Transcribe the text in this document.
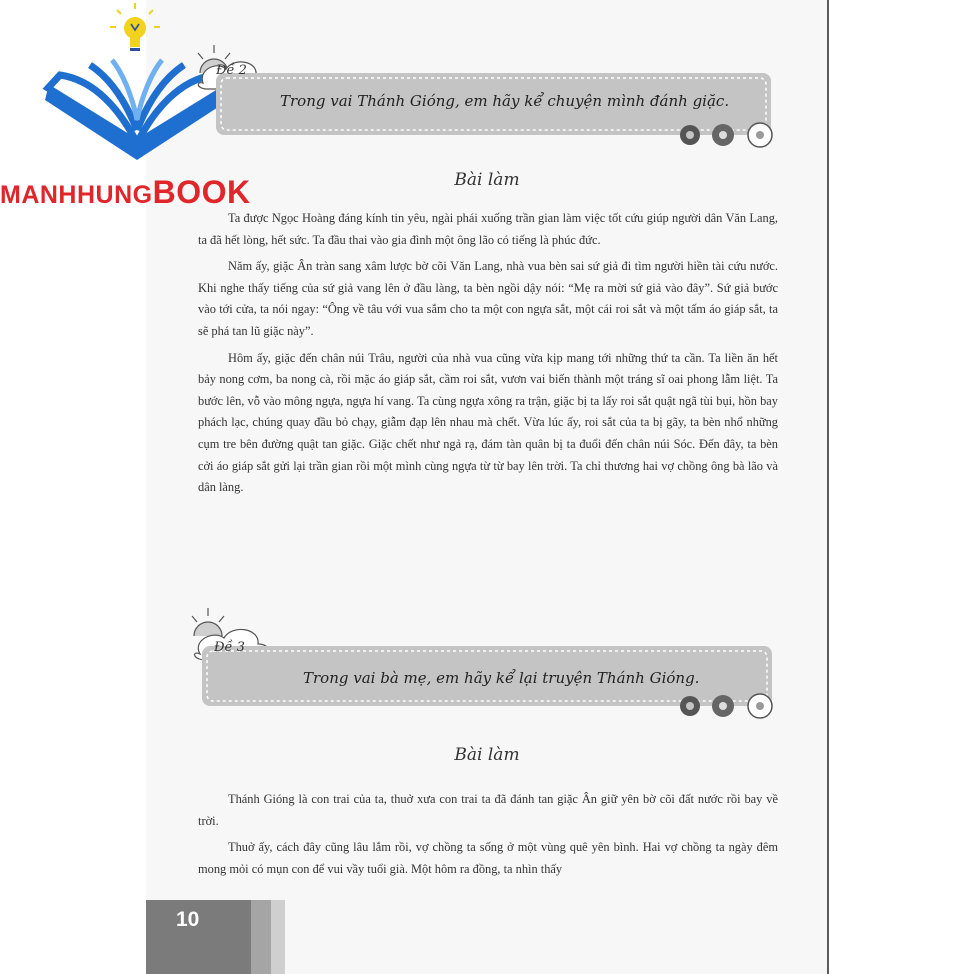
MANHHUNGBOOK
Đề 2
Trong vai Thánh Gióng, em hãy kể chuyện mình đánh giặc.
Bài làm

Ta được Ngọc Hoàng đáng kính tin yêu, ngài phái xuống trần gian làm việc tốt cứu giúp người dân Văn Lang, ta đã hết lòng, hết sức. Ta đầu thai vào gia đình một ông lão có tiếng là phúc đức.

Năm ấy, giặc Ân tràn sang xâm lược bờ cõi Văn Lang, nhà vua bèn sai sứ giả đi tìm người hiền tài cứu nước. Khi nghe thấy tiếng của sứ giả vang lên ở đầu làng, ta bèn ngồi dậy nói: “Mẹ ra mời sứ giả vào đây”. Sứ giả bước vào tới cửa, ta nói ngay: “Ông về tâu với vua sắm cho ta một con ngựa sắt, một cái roi sắt và một tấm áo giáp sắt, ta sẽ phá tan lũ giặc này”.

Hôm ấy, giặc đến chân núi Trâu, người của nhà vua cũng vừa kịp mang tới những thứ ta cần. Ta liền ăn hết bảy nong cơm, ba nong cà, rồi mặc áo giáp sắt, cầm roi sắt, vươn vai biến thành một tráng sĩ oai phong lẫm liệt. Ta bước lên, vỗ vào mông ngựa, ngựa hí vang. Ta cùng ngựa xông ra trận, giặc bị ta lấy roi sắt quật ngã tùi bụi, hồn bay phách lạc, chúng quay đầu bỏ chạy, giẫm đạp lên nhau mà chết. Vừa lúc ấy, roi sắt của ta bị gãy, ta bèn nhổ những cụm tre bên đường quật tan giặc. Giặc chết như ngả rạ, đám tàn quân bị ta đuổi đến chân núi Sóc. Đến đây, ta bèn cởi áo giáp sắt gửi lại trần gian rồi một mình cùng ngựa từ từ bay lên trời. Ta chỉ thương hai vợ chồng ông bà lão và dân làng.

Đề 3
Trong vai bà mẹ, em hãy kể lại truyện Thánh Gióng.
Bài làm

Thánh Gióng là con trai của ta, thuở xưa con trai ta đã đánh tan giặc Ân giữ yên bờ cõi đất nước rồi bay về trời.

Thuở ấy, cách đây cũng lâu lắm rồi, vợ chồng ta sống ở một vùng quê yên bình. Hai vợ chồng ta ngày đêm mong mỏi có mụn con để vui vầy tuổi già. Một hôm ra đồng, ta nhìn thấy

10
